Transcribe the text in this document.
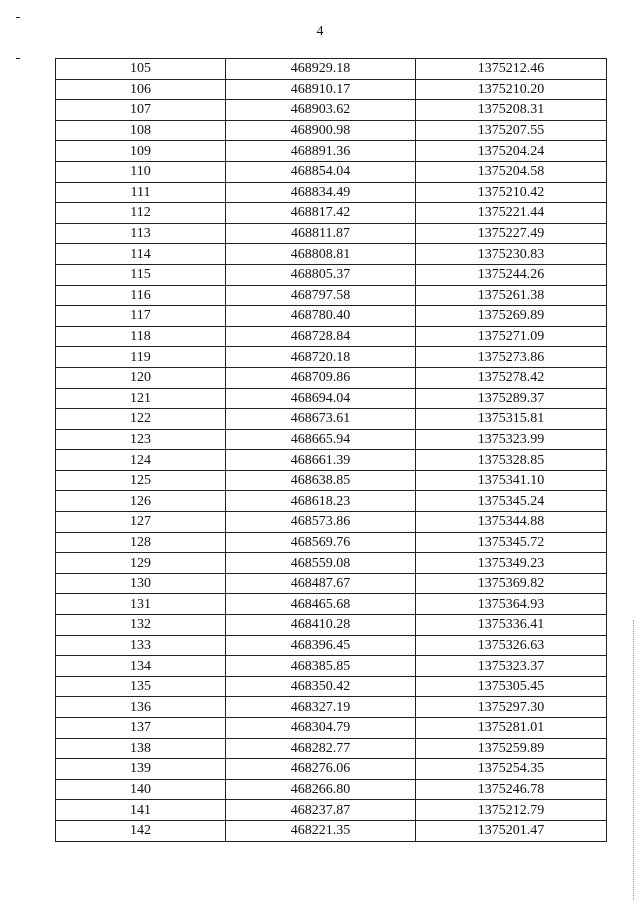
4
105	468929.18	1375212.46
106	468910.17	1375210.20
107	468903.62	1375208.31
108	468900.98	1375207.55
109	468891.36	1375204.24
110	468854.04	1375204.58
111	468834.49	1375210.42
112	468817.42	1375221.44
113	468811.87	1375227.49
114	468808.81	1375230.83
115	468805.37	1375244.26
116	468797.58	1375261.38
117	468780.40	1375269.89
118	468728.84	1375271.09
119	468720.18	1375273.86
120	468709.86	1375278.42
121	468694.04	1375289.37
122	468673.61	1375315.81
123	468665.94	1375323.99
124	468661.39	1375328.85
125	468638.85	1375341.10
126	468618.23	1375345.24
127	468573.86	1375344.88
128	468569.76	1375345.72
129	468559.08	1375349.23
130	468487.67	1375369.82
131	468465.68	1375364.93
132	468410.28	1375336.41
133	468396.45	1375326.63
134	468385.85	1375323.37
135	468350.42	1375305.45
136	468327.19	1375297.30
137	468304.79	1375281.01
138	468282.77	1375259.89
139	468276.06	1375254.35
140	468266.80	1375246.78
141	468237.87	1375212.79
142	468221.35	1375201.47
